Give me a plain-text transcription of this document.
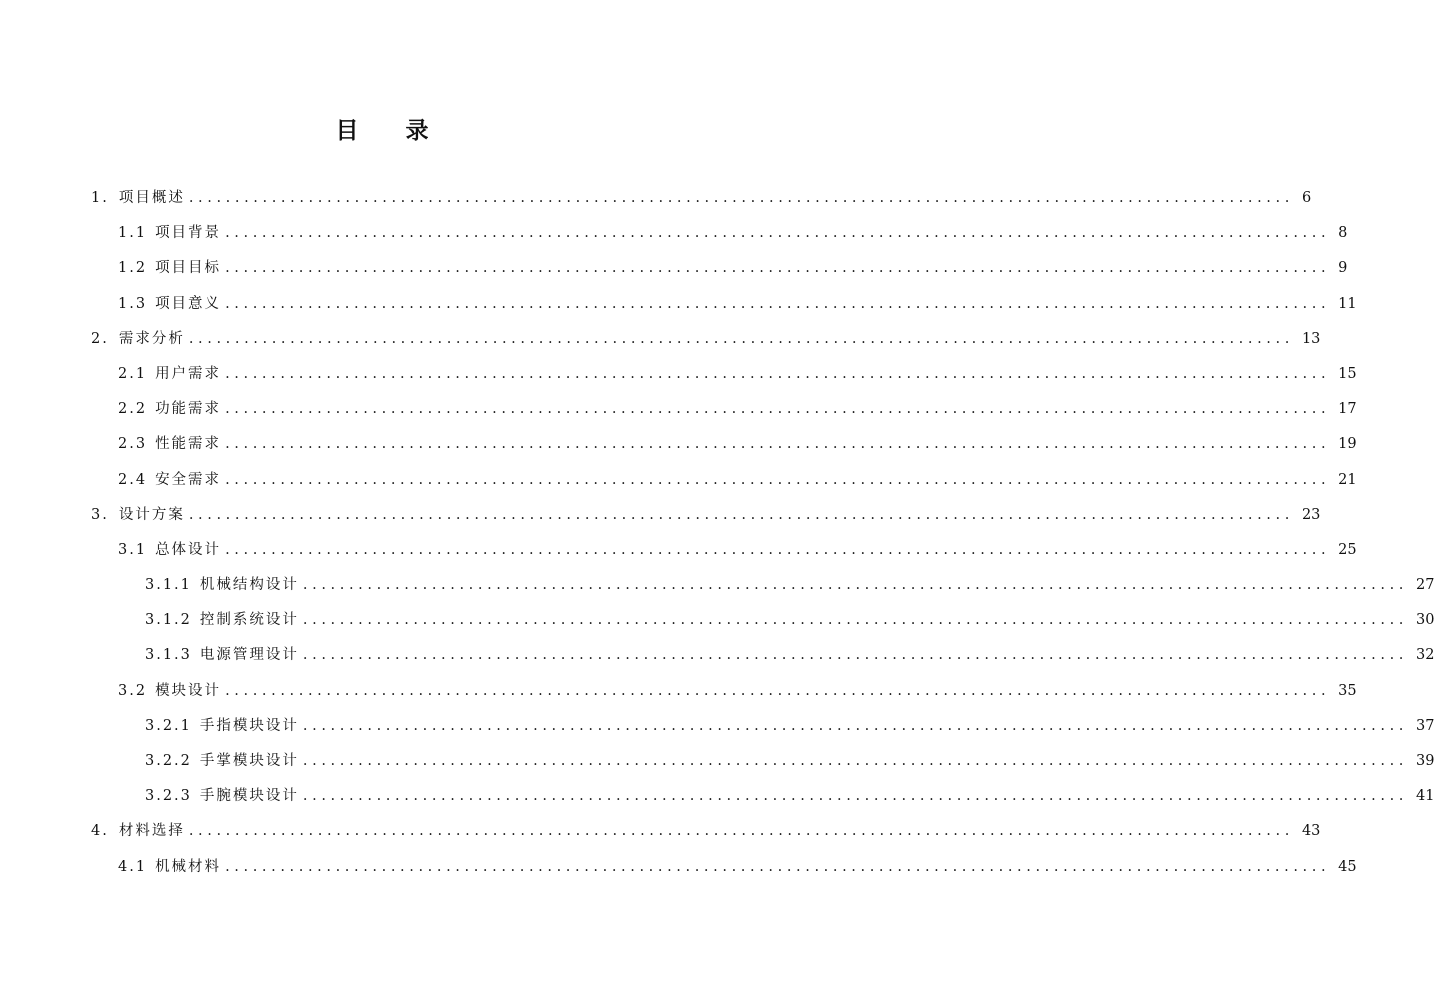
目 录
1. 项目概述 ........................................................................................................................ 6
1.1 项目背景 ........................................................................................................................ 8
1.2 项目目标 ........................................................................................................................ 9
1.3 项目意义 ........................................................................................................................ 11
2. 需求分析 ........................................................................................................................ 13
2.1 用户需求 ........................................................................................................................ 15
2.2 功能需求 ........................................................................................................................ 17
2.3 性能需求 ........................................................................................................................ 19
2.4 安全需求 ........................................................................................................................ 21
3. 设计方案 ........................................................................................................................ 23
3.1 总体设计 ........................................................................................................................ 25
3.1.1 机械结构设计 ........................................................................................................................ 27
3.1.2 控制系统设计 ........................................................................................................................ 30
3.1.3 电源管理设计 ........................................................................................................................ 32
3.2 模块设计 ........................................................................................................................ 35
3.2.1 手指模块设计 ........................................................................................................................ 37
3.2.2 手掌模块设计 ........................................................................................................................ 39
3.2.3 手腕模块设计 ........................................................................................................................ 41
4. 材料选择 ........................................................................................................................ 43
4.1 机械材料 ........................................................................................................................ 45
